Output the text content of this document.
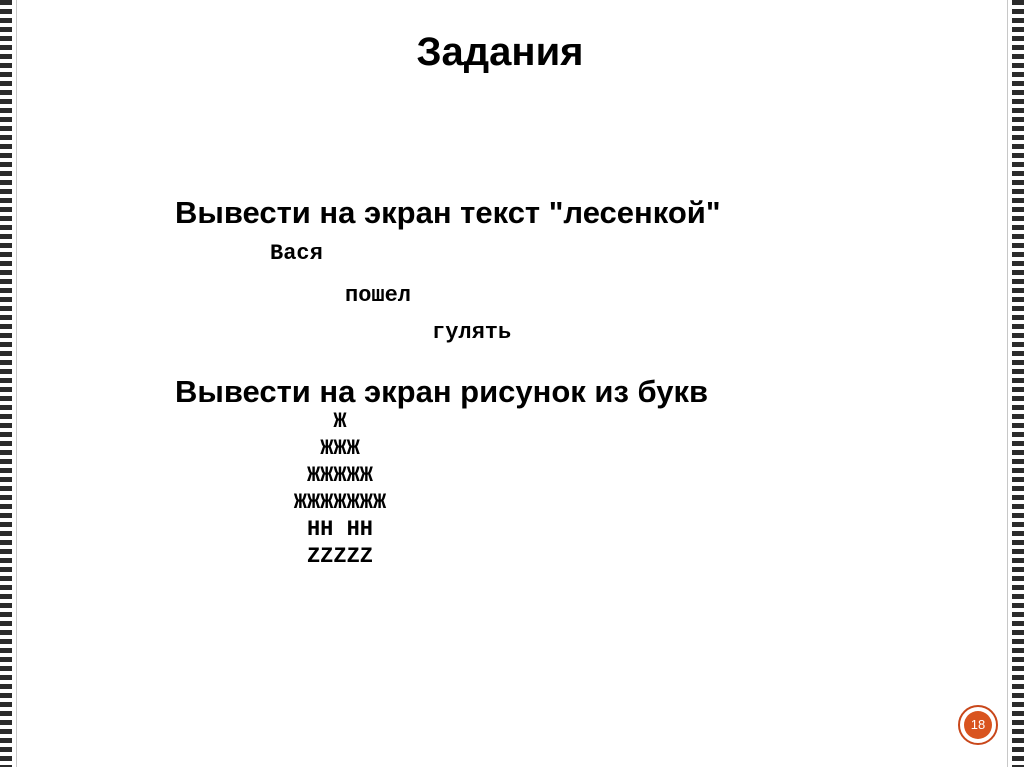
Задания
Вывести на экран текст "лесенкой"
Вася
пошел
гулять
Вывести на экран рисунок из букв
Ж
ЖЖЖ
ЖЖЖЖЖ
ЖЖЖЖЖЖЖ
НН НН
ZZZZZ
18
